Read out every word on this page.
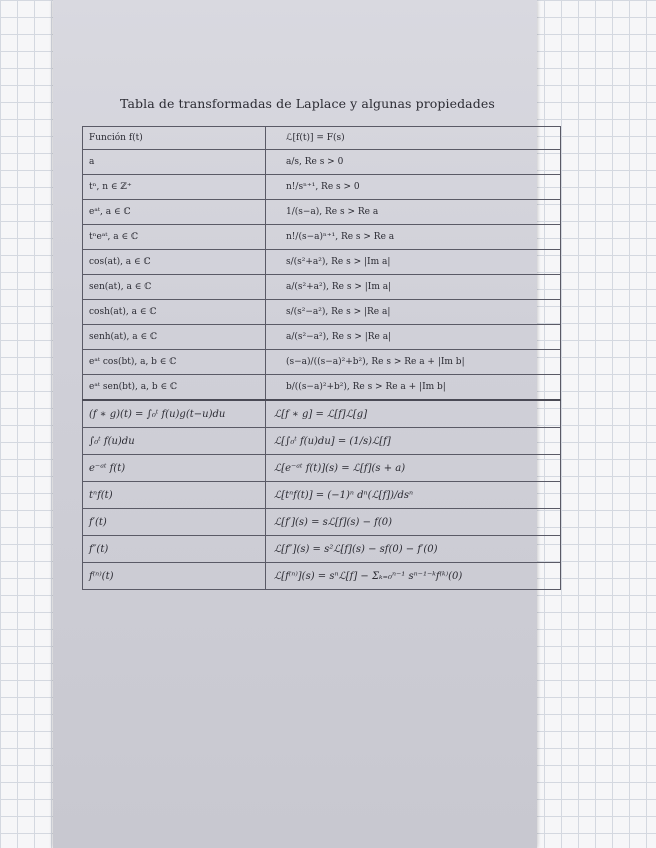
Tabla de transformadas de Laplace y algunas propiedades
Función f(t)	ℒ[f(t)] = F(s)
a	a/s, Re s > 0
tⁿ, n ∈ ℤ⁺	n!/sⁿ⁺¹, Re s > 0
eᵃᵗ, a ∈ ℂ	1/(s−a), Re s > Re a
tⁿeᵃᵗ, a ∈ ℂ	n!/(s−a)ⁿ⁺¹, Re s > Re a
cos(at), a ∈ ℂ	s/(s²+a²), Re s > |Im a|
sen(at), a ∈ ℂ	a/(s²+a²), Re s > |Im a|
cosh(at), a ∈ ℂ	s/(s²−a²), Re s > |Re a|
senh(at), a ∈ ℂ	a/(s²−a²), Re s > |Re a|
eᵃᵗ cos(bt), a, b ∈ ℂ	(s−a)/((s−a)²+b²), Re s > Re a + |Im b|
eᵃᵗ sen(bt), a, b ∈ ℂ	b/((s−a)²+b²), Re s > Re a + |Im b|
(f ∗ g)(t) = ∫₀ᵗ f(u)g(t−u)du	ℒ[f ∗ g] = ℒ[f]ℒ[g]
∫₀ᵗ f(u)du	ℒ[∫₀ᵗ f(u)du] = (1/s)ℒ[f]
e⁻ᵃᵗ f(t)	ℒ[e⁻ᵃᵗ f(t)](s) = ℒ[f](s + a)
tⁿf(t)	ℒ[tⁿf(t)] = (−1)ⁿ dⁿ(ℒ[f])/dsⁿ
f′(t)	ℒ[f′](s) = sℒ[f](s) − f(0)
f″(t)	ℒ[f″](s) = s²ℒ[f](s) − sf(0) − f′(0)
f⁽ⁿ⁾(t)	ℒ[f⁽ⁿ⁾](s) = sⁿℒ[f] − Σₖ₌₀ⁿ⁻¹ sⁿ⁻¹⁻ᵏf⁽ᵏ⁾(0)
